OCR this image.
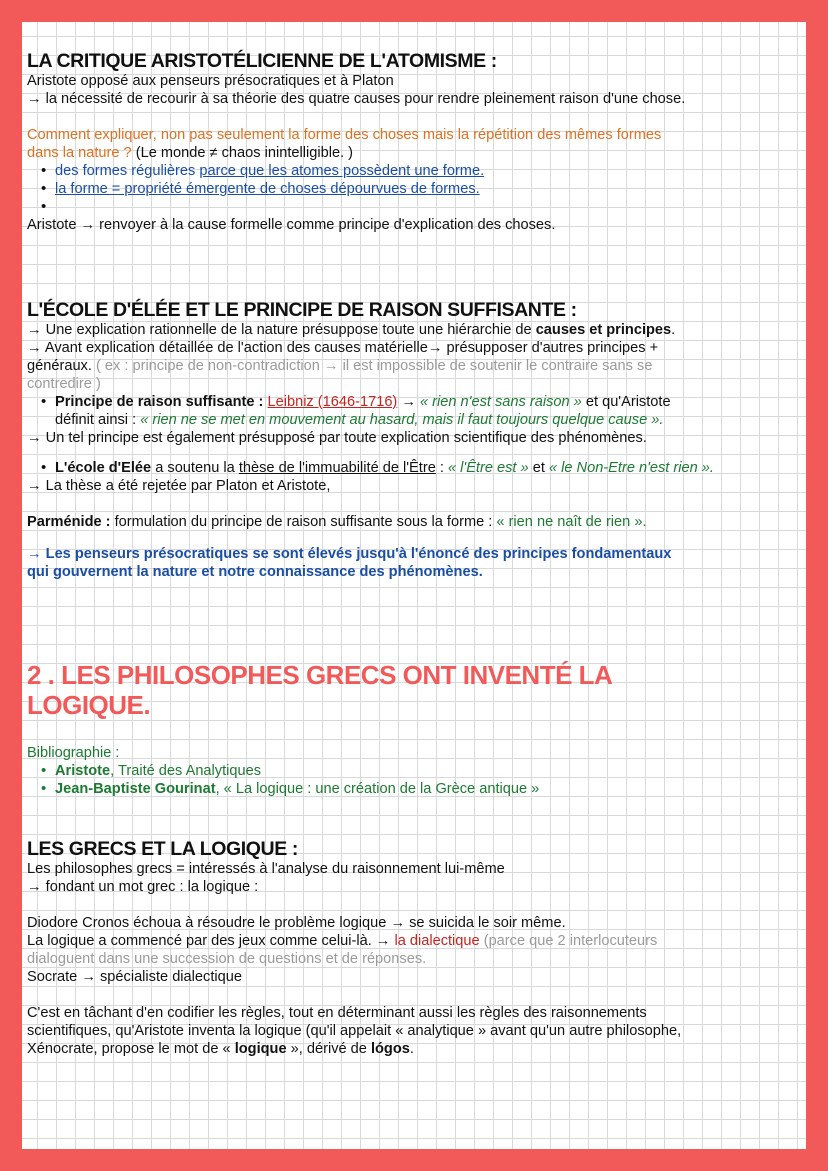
LA CRITIQUE ARISTOTÉLICIENNE DE L'ATOMISME :
Aristote opposé aux penseurs présocratiques et à Platon
→ la nécessité de recourir à sa théorie des quatre causes pour rendre pleinement raison d'une chose.
Comment expliquer, non pas seulement la forme des choses mais la répétition des mêmes formes
dans la nature ? (Le monde ≠ chaos inintelligible. )
• des formes régulières parce que les atomes possèdent une forme.
• la forme = propriété émergente de choses dépourvues de formes.
•
Aristote → renvoyer à la cause formelle comme principe d'explication des choses.
L'ÉCOLE D'ÉLÉE ET LE PRINCIPE DE RAISON SUFFISANTE :
→ Une explication rationnelle de la nature présuppose toute une hiérarchie de causes et principes.
→ Avant explication détaillée de l'action des causes matérielle→ présupposer d'autres principes +
généraux. ( ex : principe de non-contradiction → il est impossible de soutenir le contraire sans se
contredire )
• Principe de raison suffisante : Leibniz (1646-1716) → « rien n'est sans raison » et qu'Aristote
définit ainsi : « rien ne se met en mouvement au hasard, mais il faut toujours quelque cause ».
→ Un tel principe est également présupposé par toute explication scientifique des phénomènes.
• L'école d'Elée a soutenu la thèse de l'immuabilité de l'Être : « l'Être est » et « le Non-Etre n'est rien ».
→ La thèse a été rejetée par Platon et Aristote,
Parménide : formulation du principe de raison suffisante sous la forme : « rien ne naît de rien ».
→ Les penseurs présocratiques se sont élevés jusqu'à l'énoncé des principes fondamentaux
qui gouvernent la nature et notre connaissance des phénomènes.
2 . LES PHILOSOPHES GRECS ONT INVENTÉ LA
LOGIQUE.
Bibliographie :
• Aristote, Traité des Analytiques
• Jean-Baptiste Gourinat, « La logique : une création de la Grèce antique »
LES GRECS ET LA LOGIQUE :
Les philosophes grecs = intéressés à l'analyse du raisonnement lui-même
→ fondant un mot grec : la logique :
Diodore Cronos échoua à résoudre le problème logique → se suicida le soir même.
La logique a commencé par des jeux comme celui-là. → la dialectique (parce que 2 interlocuteurs
dialoguent dans une succession de questions et de réponses.
Socrate → spécialiste dialectique
C'est en tâchant d'en codifier les règles, tout en déterminant aussi les règles des raisonnements
scientifiques, qu'Aristote inventa la logique (qu'il appelait « analytique » avant qu'un autre philosophe,
Xénocrate, propose le mot de « logique », dérivé de lógos.
